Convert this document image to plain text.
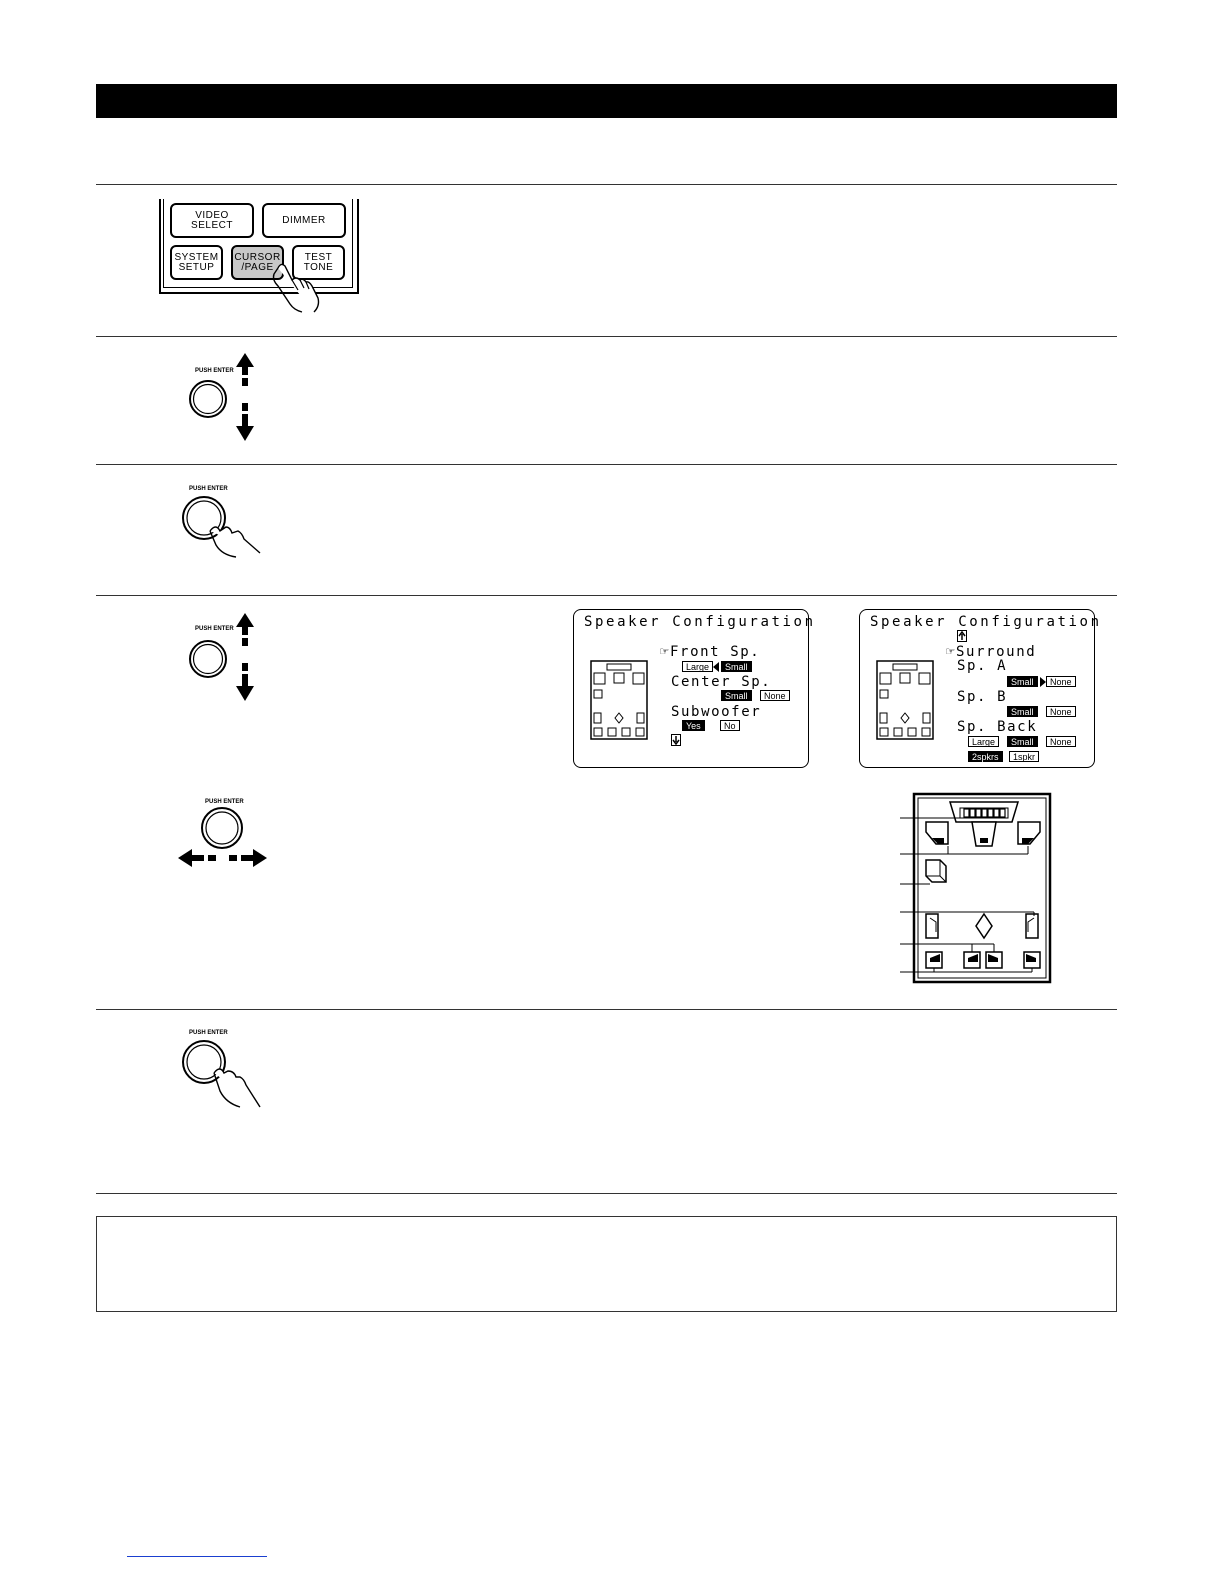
VIDEO
SELECT	DIMMER
SYSTEM
SETUP
CURSOR
/PAGE
TEST
TONE
PUSH ENTER
PUSH ENTER
PUSH ENTER	Speaker Configuration
☞Front Sp.
Large	Small
Center Sp.
Small	None
Subwoofer
Yes	No
Speaker Configuration
☞Surround
Sp. A
Small	None
Sp. B
Small	None
Sp. Back
Large	Small	None
2spkrs	1spkr
PUSH ENTER
PUSH ENTER
